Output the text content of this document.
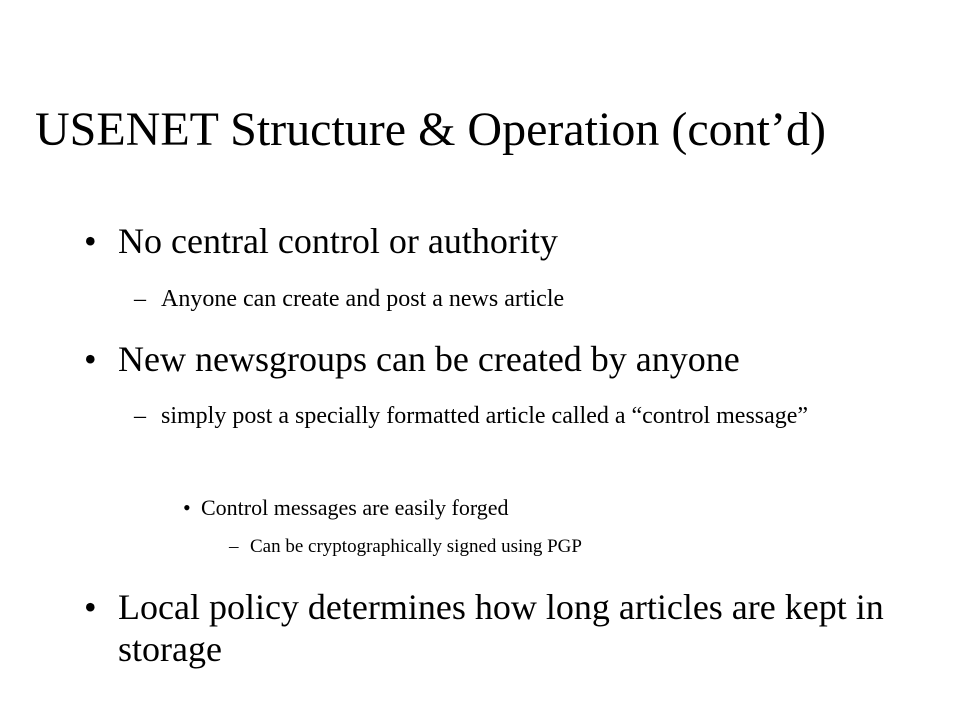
USENET Structure & Operation (cont’d)
• No central control or authority
– Anyone can create and post a news article
• New newsgroups can be created by anyone
– simply post a specially formatted article called a “control message”
• Control messages are easily forged
– Can be cryptographically signed using PGP
• Local policy determines how long articles are kept in storage
